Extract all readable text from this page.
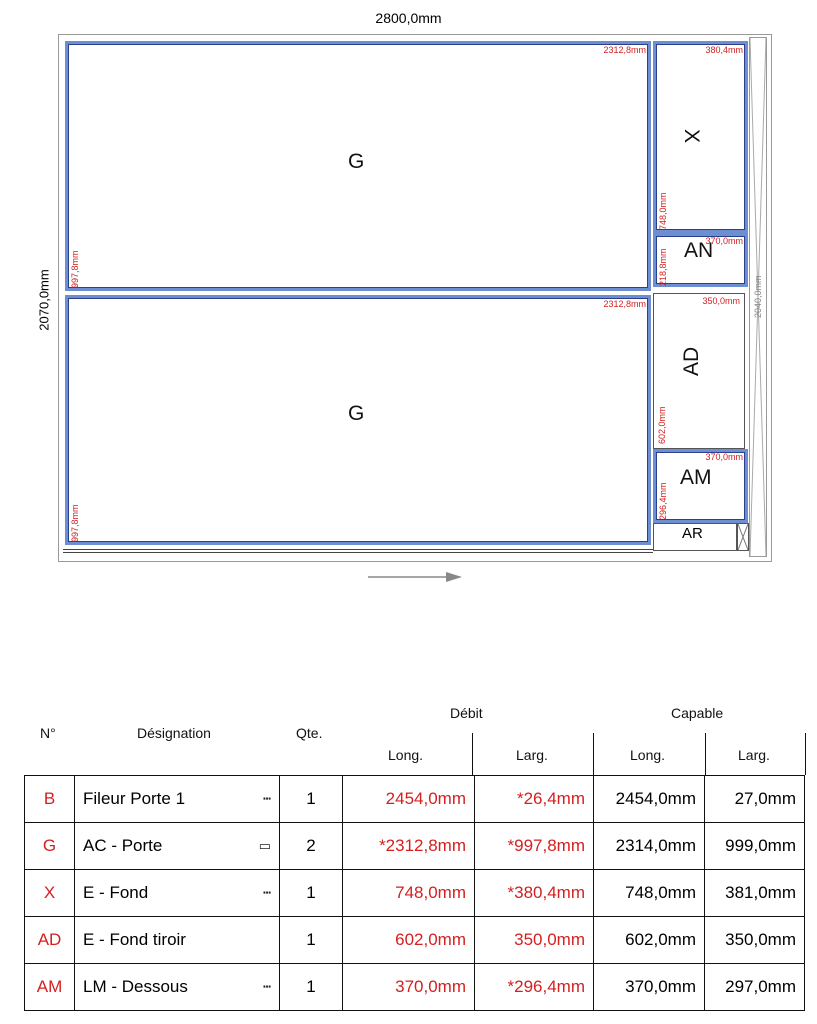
2800,0mm
2070,0mm
G
2312,8mm
997,8mm
G
2312,8mm
997,8mm
X
380,4mm
748,0mm
AN
370,0mm
218,8mm
AD
350,0mm
602,0mm
AM
370,0mm
296,4mm
AR
2040,0mm
N°	Désignation	Qte.
Débit	Capable
Long.	Larg.	Long.	Larg.
B	Fileur Porte 1 ┅	1	2454,0mm	*26,4mm	2454,0mm	27,0mm
G	AC - Porte ▭	2	*2312,8mm	*997,8mm	2314,0mm	999,0mm
X	E - Fond ┅	1	748,0mm	*380,4mm	748,0mm	381,0mm
AD	E - Fond tiroir	1	602,0mm	350,0mm	602,0mm	350,0mm
AM	LM - Dessous ┅	1	370,0mm	*296,4mm	370,0mm	297,0mm
